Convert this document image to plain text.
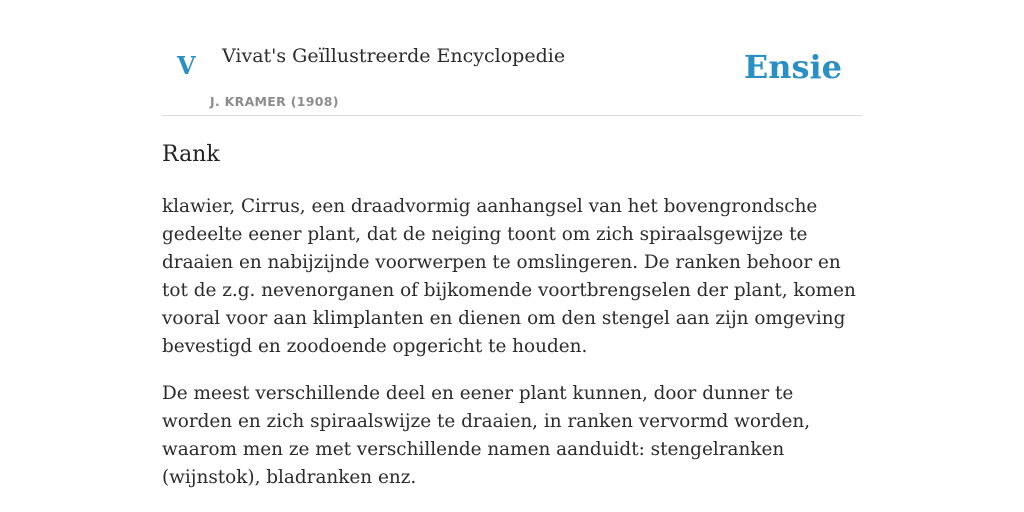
V Vivat's Geïllustreerde Encyclopedie
J. KRAMER (1908)
Ensie
Rank

klawier, Cirrus, een draadvormig aanhangsel van het bovengrondsche gedeelte eener plant, dat de neiging toont om zich spiraalsgewijze te draaien en nabijzijnde voorwerpen te omslingeren. De ranken behoor en tot de z.g. nevenorganen of bijkomende voortbrengselen der plant, komen vooral voor aan klimplanten en dienen om den stengel aan zijn omgeving bevestigd en zoodoende opgericht te houden.

De meest verschillende deel en eener plant kunnen, door dunner te worden en zich spiraalswijze te draaien, in ranken vervormd worden, waarom men ze met verschillende namen aanduidt: stengelranken (wijnstok), bladranken enz.
